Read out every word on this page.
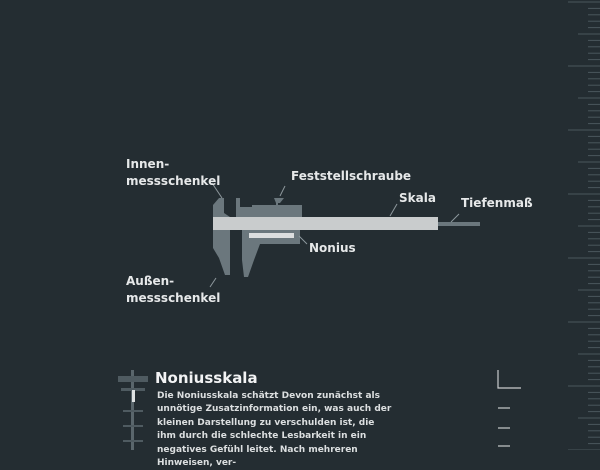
Innen-
messschenkel	Feststellschraube
Skala Tiefenmaß
Nonius
Außen-
messschenkel
Noniusskala
Die Noniusskala schätzt Devon zunächst als unnötige Zusatzinformation ein, was auch der kleinen Darstellung zu verschulden ist, die ihm durch die schlechte Lesbarkeit in ein negatives Gefühl leitet. Nach mehreren Hinweisen, ver-
